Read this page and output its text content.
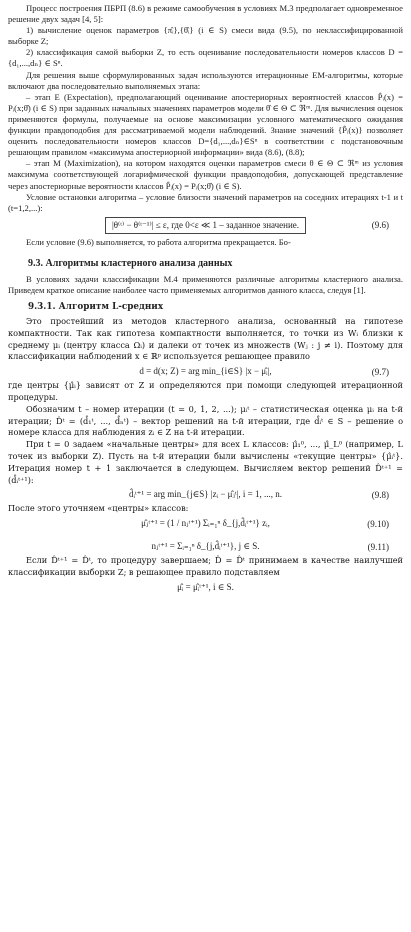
Процесс построения ПБРП (8.6) в режиме самообучения в условиях М.3 предполагает одновременное решение двух задач [4, 5]:

1) вычисление оценок параметров {π̂ᵢ},{θ̂ᵢ} (i ∈ S) смеси вида (9.5), по неклассифицированной выборке Z;

2) классификация самой выборки Z, то есть оценивание последовательности номеров классов D = {d₁,...,dₙ} ∈ Sⁿ.

Для решения выше сформулированных задач используются итерационные ЕМ-алгоритмы, которые включают два последовательно выполняемых этапа:

– этап E (Expectation), предполагающий оценивание апостериорных вероятностей классов P̂ᵢ(x) = Pᵢ(x;θ̂) (i ∈ S) при заданных начальных значениях параметров модели θ̂ ∈ Θ ⊂ ℜᵐ. Для вычисления оценок применяются формулы, получаемые на основе максимизации условного математического ожидания функции правдоподобия для рассматриваемой модели наблюдений. Знание значений {P̂ᵢ(x)} позволяет оценить последовательности номеров классов D={d₁,...,dₙ}∈Sⁿ в соответствии с подстановочным решающим правилом «максимума апостериорной информации» вида (8.6), (8.8);

– этап M (Maximization), на котором находятся оценки параметров смеси θ ∈ Θ ⊂ ℜᵐ из условия максимума соответствующей логарифмической функции правдоподобия, допускающей представление через апостериорные вероятности классов P̂ᵢ(x) = Pᵢ(x;θ̂) (i ∈ S).

Условие остановки алгоритма – условие близости значений параметров на соседних итерациях t-1 и t (t=1,2,...):

|θ⁽ᵗ⁾ − θ⁽ᵗ⁻¹⁾| ≤ ε, где 0<ε ≪ 1 – заданное значение.	(9.6)

Если условие (9.6) выполняется, то работа алгоритма прекращается. Бо-

9.3. Алгоритмы кластерного анализа данных

В условиях задачи классификации М.4 применяются различные алгоритмы кластерного анализа. Приведем краткое описание наиболее часто применяемых алгоритмов данного класса, следуя [1].

9.3.1. Алгоритм L-средних

Это простейший из методов кластерного анализа, основанный на гипотезе компактности. Так как гипотеза компактности выполняется, то точки из Wᵢ близки к среднему μᵢ (центру класса Ωᵢ) и далеки от точек из множеств (Wⱼ : j ≠ i). Поэтому для классификации наблюдений x ∈ ℝᵖ используется решающее правило

d = d(x; Z) = arg min_{i∈S} |x − μ̂ᵢ|,	(9.7)

где центры {μ̂ᵢ} зависят от Z и определяются при помощи следующей итерационной процедуры.

Обозначим t – номер итерации (t = 0, 1, 2, ...); μᵢᵗ – статистическая оценка μᵢ на t-й итерации; D̂ᵗ = (d̂₁ᵗ, ..., d̂ₙᵗ) – вектор решений на t-й итерации, где d̂ᵢᵗ ∈ S – решение о номере класса для наблюдения zᵢ ∈ Z на t-й итерации.

При t = 0 задаем «начальные центры» для всех L классов: μ̂₁⁰, ..., μ̂_L⁰ (например, L точек из выборки Z). Пусть на t-й итерации были вычислены «текущие центры» {μ̂ᵢᵗ}. Итерация номер t + 1 заключается в следующем. Вычисляем вектор решений D̂ᵗ⁺¹ = (d̂ᵢᵗ⁺¹):

d̂ᵢᵗ⁺¹ = arg min_{j∈S} |zᵢ − μ̂ⱼᵗ|, i = 1, ..., n.	(9.8)

После этого уточняем «центры» классов:

μ̂ⱼᵗ⁺¹ = (1 / nⱼᵗ⁺¹) Σᵢ₌₁ⁿ δ_{j,d̂ᵢᵗ⁺¹} zᵢ,	(9.10)
nⱼᵗ⁺¹ = Σᵢ₌₁ⁿ δ_{j,d̂ᵢᵗ⁺¹}, j ∈ S.	(9.11)

Если D̂ᵗ⁺¹ = D̂ᵗ, то процедуру завершаем; D̂ = D̂ᵗ принимаем в качестве наилучшей классификации выборки Z; в решающее правило подставляем

μ̂ᵢ = μ̂ᵢᵗ⁺¹, i ∈ S.
